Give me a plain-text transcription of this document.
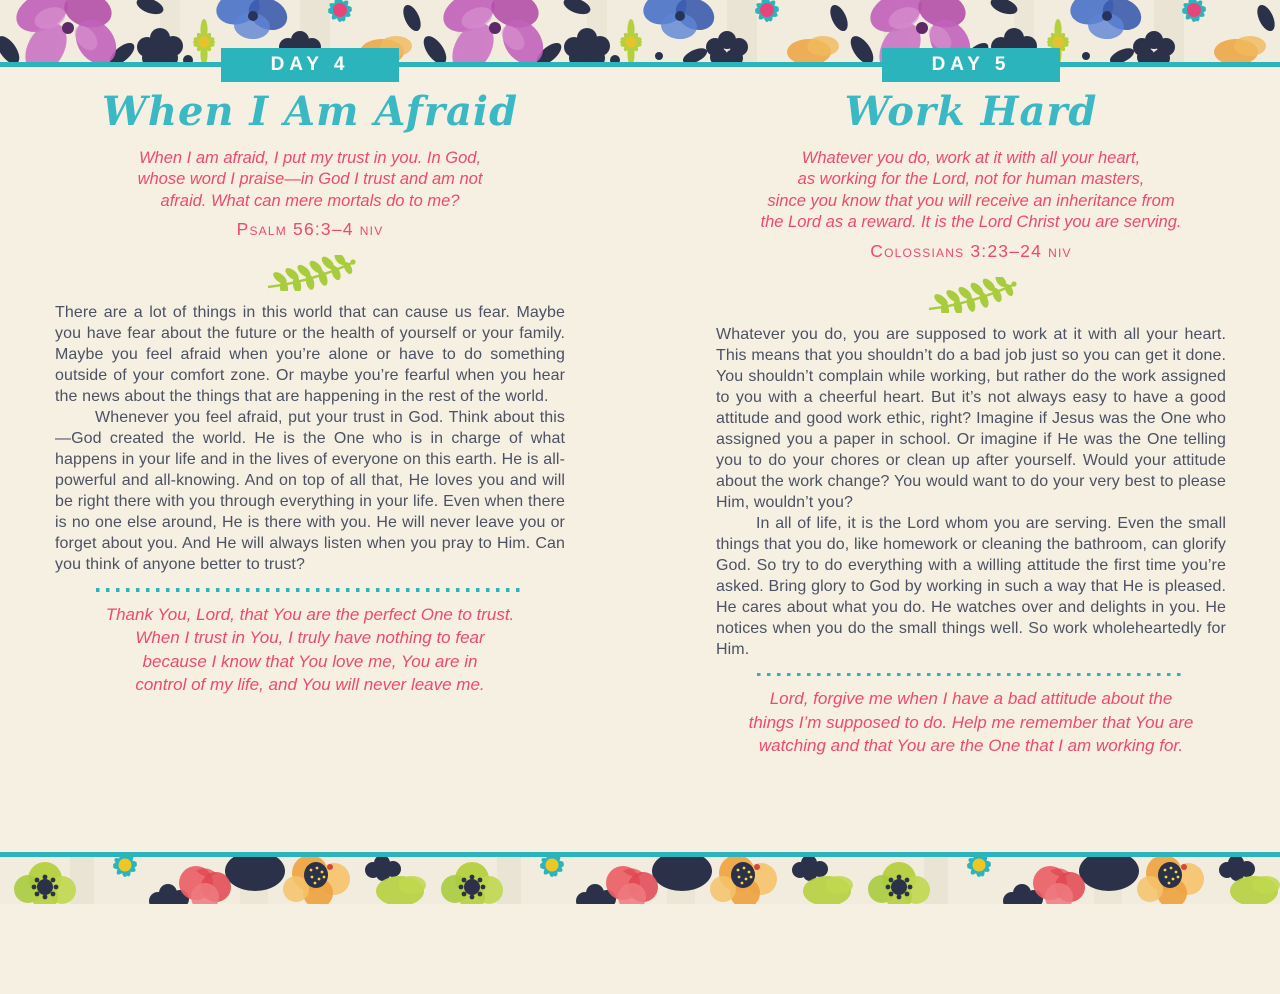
DAY 4
When I Am Afraid
When I am afraid, I put my trust in you. In God,
whose word I praise—in God I trust and am not
afraid. What can mere mortals do to me?
Psalm 56:3–4 niv

There are a lot of things in this world that can cause us fear. Maybe you have fear about the future or the health of yourself or your family. Maybe you feel afraid when you’re alone or have to do something outside of your comfort zone. Or maybe you’re fearful when you hear the news about the things that are happening in the rest of the world.

Whenever you feel afraid, put your trust in God. Think about this—God created the world. He is the One who is in charge of what happens in your life and in the lives of everyone on this earth. He is all-powerful and all-knowing. And on top of all that, He loves you and will be right there with you through everything in your life. Even when there is no one else around, He is there with you. He will never leave you or forget about you. And He will always listen when you pray to Him. Can you think of anyone better to trust?

Thank You, Lord, that You are the perfect One to trust.
When I trust in You, I truly have nothing to fear
because I know that You love me, You are in
control of my life, and You will never leave me.
DAY 5
Work Hard
Whatever you do, work at it with all your heart,
as working for the Lord, not for human masters,
since you know that you will receive an inheritance from
the Lord as a reward. It is the Lord Christ you are serving.
Colossians 3:23–24 niv

Whatever you do, you are supposed to work at it with all your heart. This means that you shouldn’t do a bad job just so you can get it done. You shouldn’t complain while working, but rather do the work assigned to you with a cheerful heart. But it’s not always easy to have a good attitude and good work ethic, right? Imagine if Jesus was the One who assigned you a paper in school. Or imagine if He was the One telling you to do your chores or clean up after yourself. Would your attitude about the work change? You would want to do your very best to please Him, wouldn’t you?

In all of life, it is the Lord whom you are serving. Even the small things that you do, like homework or cleaning the bathroom, can glorify God. So try to do everything with a willing attitude the first time you’re asked. Bring glory to God by working in such a way that He is pleased. He cares about what you do. He watches over and delights in you. He notices when you do the small things well. So work wholeheartedly for Him.

Lord, forgive me when I have a bad attitude about the
things I’m supposed to do. Help me remember that You are
watching and that You are the One that I am working for.
